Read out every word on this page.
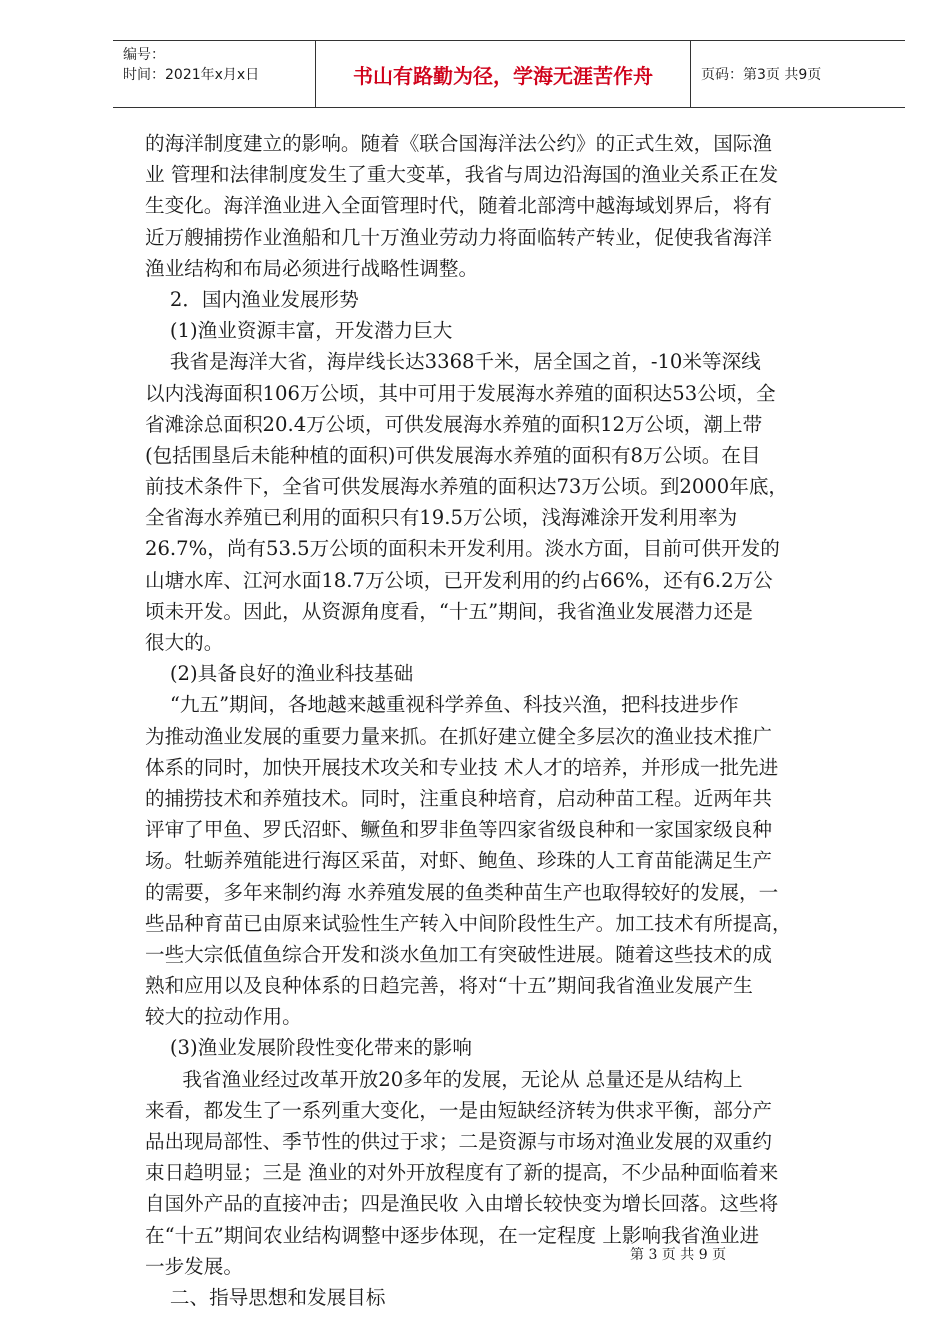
编号：
时间：2021年x月x日	书山有路勤为径，学海无涯苦作舟	页码：第3页 共9页
的海洋制度建立的影响。随着《联合国海洋法公约》的正式生效，国际渔
业 管理和法律制度发生了重大变革，我省与周边沿海国的渔业关系正在发
生变化。海洋渔业进入全面管理时代，随着北部湾中越海域划界后，将有
近万艘捕捞作业渔船和几十万渔业劳动力将面临转产转业，促使我省海洋
渔业结构和布局必须进行战略性调整。
2．国内渔业发展形势
(1)渔业资源丰富，开发潜力巨大
我省是海洋大省，海岸线长达3368千米，居全国之首，-10米等深线
以内浅海面积106万公顷，其中可用于发展海水养殖的面积达53公顷，全
省滩涂总面积20.4万公顷，可供发展海水养殖的面积12万公顷，潮上带
(包括围垦后未能种植的面积)可供发展海水养殖的面积有8万公顷。在目
前技术条件下，全省可供发展海水养殖的面积达73万公顷。到2000年底，
全省海水养殖已利用的面积只有19.5万公顷，浅海滩涂开发利用率为
26.7%，尚有53.5万公顷的面积未开发利用。淡水方面，目前可供开发的
山塘水库、江河水面18.7万公顷，已开发利用的约占66%，还有6.2万公
顷未开发。因此，从资源角度看，“十五”期间，我省渔业发展潜力还是
很大的。
(2)具备良好的渔业科技基础
“九五”期间，各地越来越重视科学养鱼、科技兴渔，把科技进步作
为推动渔业发展的重要力量来抓。在抓好建立健全多层次的渔业技术推广
体系的同时，加快开展技术攻关和专业技 术人才的培养，并形成一批先进
的捕捞技术和养殖技术。同时，注重良种培育，启动种苗工程。近两年共
评审了甲鱼、罗氏沼虾、鳜鱼和罗非鱼等四家省级良种和一家国家级良种
场。牡蛎养殖能进行海区采苗，对虾、鲍鱼、珍珠的人工育苗能满足生产
的需要，多年来制约海 水养殖发展的鱼类种苗生产也取得较好的发展，一
些品种育苗已由原来试验性生产转入中间阶段性生产。加工技术有所提高，
一些大宗低值鱼综合开发和淡水鱼加工有突破性进展。随着这些技术的成
熟和应用以及良种体系的日趋完善，将对“十五”期间我省渔业发展产生
较大的拉动作用。
(3)渔业发展阶段性变化带来的影响
我省渔业经过改革开放20多年的发展，无论从 总量还是从结构上
来看，都发生了一系列重大变化，一是由短缺经济转为供求平衡，部分产
品出现局部性、季节性的供过于求；二是资源与市场对渔业发展的双重约
束日趋明显；三是 渔业的对外开放程度有了新的提高，不少品种面临着来
自国外产品的直接冲击；四是渔民收 入由增长较快变为增长回落。这些将
在“十五”期间农业结构调整中逐步体现，在一定程度 上影响我省渔业进
一步发展。
二、指导思想和发展目标
第 3 页 共 9 页
